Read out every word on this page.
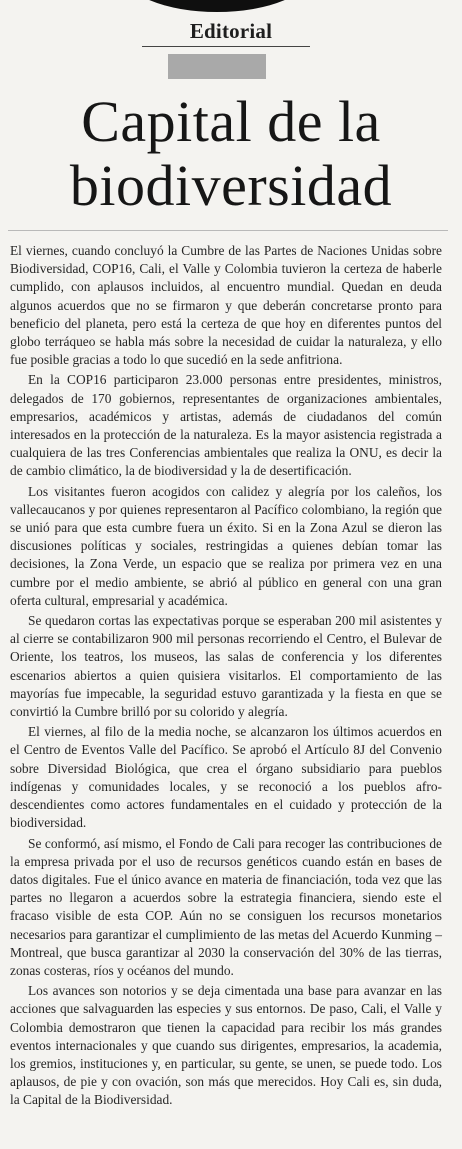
Editorial
Capital de la
biodiversidad

El viernes, cuando concluyó la Cumbre de las Partes de Naciones Unidas sobre Biodiversidad, COP16, Cali, el Valle y Colombia tuvieron la certeza de haberle cumplido, con aplausos incluidos, al encuentro mundial. Quedan en deuda algunos acuerdos que no se firmaron y que deberán concretarse pronto para beneficio del planeta, pero está la certeza de que hoy en diferentes puntos del globo terráqueo se habla más sobre la necesidad de cuidar la naturaleza, y ello fue posible gracias a todo lo que sucedió en la sede anfitriona.

En la COP16 participaron 23.000 personas entre presidentes, ministros, delegados de 170 gobiernos, representantes de organizaciones ambientales, empresarios, académicos y artistas, además de ciudadanos del común interesados en la protección de la naturaleza. Es la mayor asistencia registrada a cualquiera de las tres Conferencias ambientales que realiza la ONU, es decir la de cambio climático, la de biodiversidad y la de desertificación.

Los visitantes fueron acogidos con calidez y alegría por los caleños, los vallecaucanos y por quienes representaron al Pacífico colombiano, la región que se unió para que esta cumbre fuera un éxito. Si en la Zona Azul se dieron las discusiones políticas y sociales, restringidas a quienes debían tomar las decisiones, la Zona Verde, un espacio que se realiza por primera vez en una cumbre por el medio ambiente, se abrió al público en general con una gran oferta cultural, empresarial y académica.

Se quedaron cortas las expectativas porque se esperaban 200 mil asistentes y al cierre se contabilizaron 900 mil personas recorriendo el Centro, el Bulevar de Oriente, los teatros, los museos, las salas de conferencia y los diferentes escenarios abiertos a quien quisiera visitarlos. El comportamiento de las mayorías fue impecable, la seguridad estuvo garantizada y la fiesta en que se convirtió la Cumbre brilló por su colorido y alegría.

El viernes, al filo de la media noche, se alcanzaron los últimos acuerdos en el Centro de Eventos Valle del Pacífico. Se aprobó el Artículo 8J del Convenio sobre Diversidad Biológica, que crea el órgano subsidiario para pueblos indígenas y comunidades locales, y se reconoció a los pueblos afro-descendientes como actores fundamentales en el cuidado y protección de la biodiversidad.

Se conformó, así mismo, el Fondo de Cali para recoger las contribuciones de la empresa privada por el uso de recursos genéticos cuando están en bases de datos digitales. Fue el único avance en materia de financiación, toda vez que las partes no llegaron a acuerdos sobre la estrategia financiera, siendo este el fracaso visible de esta COP. Aún no se consiguen los recursos monetarios necesarios para garantizar el cumplimiento de las metas del Acuerdo Kunming – Montreal, que busca garantizar al 2030 la conservación del 30% de las tierras, zonas costeras, ríos y océanos del mundo.

Los avances son notorios y se deja cimentada una base para avanzar en las acciones que salvaguarden las especies y sus entornos. De paso, Cali, el Valle y Colombia demostraron que tienen la capacidad para recibir los más grandes eventos internacionales y que cuando sus dirigentes, empresarios, la academia, los gremios, instituciones y, en particular, su gente, se unen, se puede todo. Los aplausos, de pie y con ovación, son más que merecidos. Hoy Cali es, sin duda, la Capital de la Biodiversidad.
